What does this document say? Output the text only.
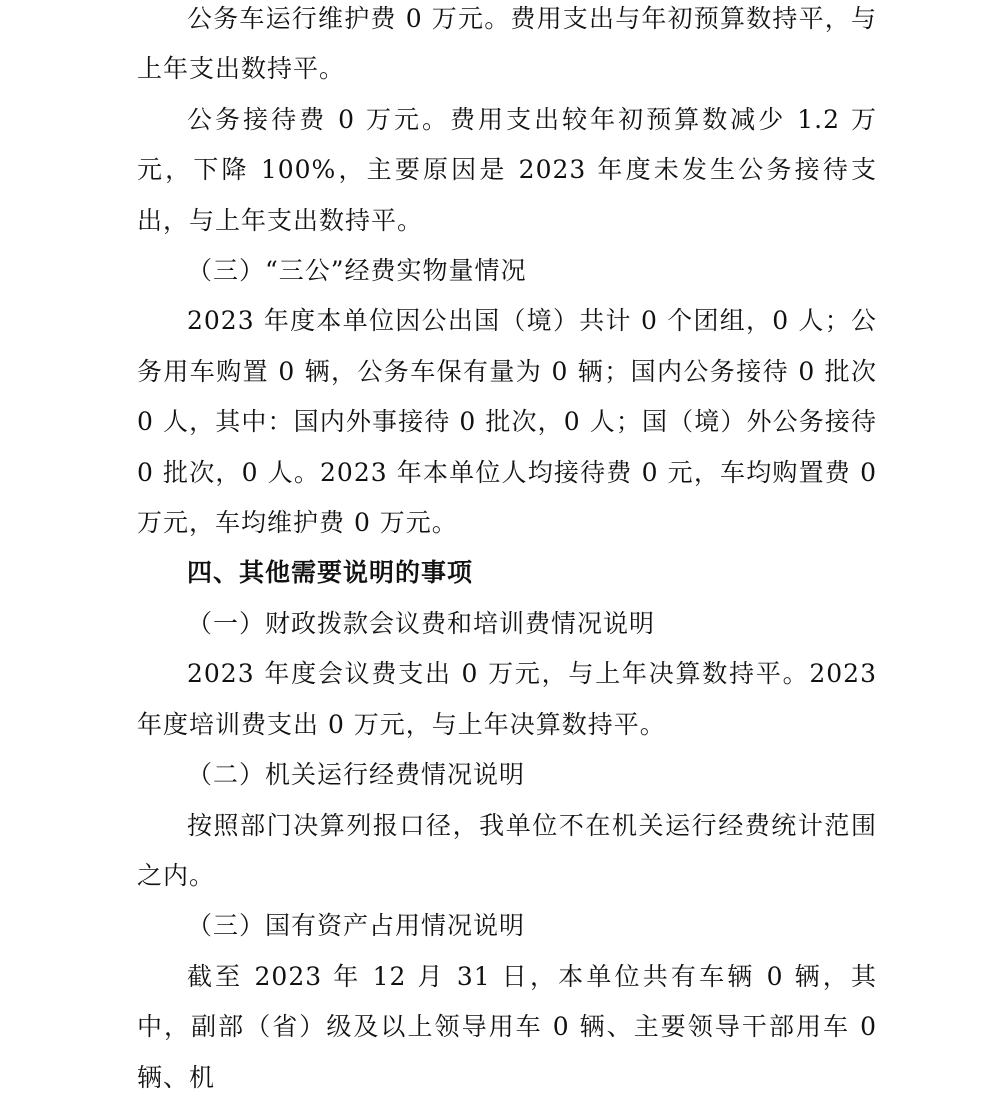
公务车运行维护费 0 万元。费用支出与年初预算数持平，与上年支出数持平。

公务接待费 0 万元。费用支出较年初预算数减少 1.2 万元，下降 100%，主要原因是 2023 年度未发生公务接待支出，与上年支出数持平。

（三）“三公”经费实物量情况

2023 年度本单位因公出国（境）共计 0 个团组，0 人；公务用车购置 0 辆，公务车保有量为 0 辆；国内公务接待 0 批次 0 人，其中：国内外事接待 0 批次，0 人；国（境）外公务接待 0 批次，0 人。2023 年本单位人均接待费 0 元，车均购置费 0 万元，车均维护费 0 万元。

四、其他需要说明的事项

（一）财政拨款会议费和培训费情况说明

2023 年度会议费支出 0 万元，与上年决算数持平。2023 年度培训费支出 0 万元，与上年决算数持平。

（二）机关运行经费情况说明

按照部门决算列报口径，我单位不在机关运行经费统计范围之内。

（三）国有资产占用情况说明

截至 2023 年 12 月 31 日，本单位共有车辆 0 辆，其中，副部（省）级及以上领导用车 0 辆、主要领导干部用车 0 辆、机
